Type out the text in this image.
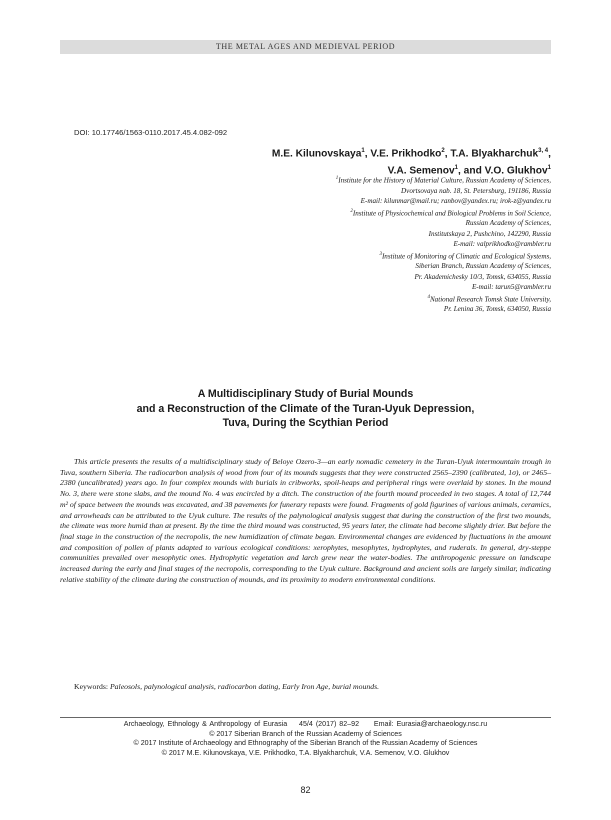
THE METAL AGES AND MEDIEVAL PERIOD
DOI: 10.17746/1563-0110.2017.45.4.082-092
M.E. Kilunovskaya$^1$, V.E. Prikhodko$^2$, T.A. Blyakharchuk$^{3, 4}$,
V.A. Semenov$^1$, and V.O. Glukhov$^1$
$^1$Institute for the History of Material Culture, Russian Academy of Sciences,
Dvortsovaya nab. 18, St. Petersburg, 191186, Russia
E-mail: kilunmar@mail.ru; ranbov@yandex.ru; irok-z@yandex.ru
$^2$Institute of Physicochemical and Biological Problems in Soil Science,
Russian Academy of Sciences,
Institutskaya 2, Pushchino, 142290, Russia
E-mail: valprikhodko@rambler.ru
$^3$Institute of Monitoring of Climatic and Ecological Systems,
Siberian Branch, Russian Academy of Sciences,
Pr. Akademichesky 10/3, Tomsk, 634055, Russia
E-mail: tarun5@rambler.ru
$^4$National Research Tomsk State University,
Pr. Lenina 36, Tomsk, 634050, Russia
A Multidisciplinary Study of Burial Mounds
and a Reconstruction of the Climate of the Turan-Uyuk Depression,
Tuva, During the Scythian Period
This article presents the results of a multidisciplinary study of Beloye Ozero-3—an early nomadic cemetery in the Turan-Uyuk intermountain trough in Tuva, southern Siberia. The radiocarbon analysis of wood from four of its mounds suggests that they were constructed 2565–2390 (calibrated, 1σ), or 2465–2380 (uncalibrated) years ago. In four complex mounds with burials in cribworks, spoil-heaps and peripheral rings were overlaid by stones. In the mound No. 3, there were stone slabs, and the mound No. 4 was encircled by a ditch. The construction of the fourth mound proceeded in two stages. A total of 12,744 m² of space between the mounds was excavated, and 38 pavements for funerary repasts were found. Fragments of gold figurines of various animals, ceramics, and arrowheads can be attributed to the Uyuk culture. The results of the palynological analysis suggest that during the construction of the first two mounds, the climate was more humid than at present. By the time the third mound was constructed, 95 years later, the climate had become slightly drier. But before the final stage in the construction of the necropolis, the new humidization of climate began. Environmental changes are evidenced by fluctuations in the amount and composition of pollen of plants adapted to various ecological conditions: xerophytes, mesophytes, hydrophytes, and ruderals. In general, dry-steppe communities prevailed over mesophytic ones. Hydrophytic vegetation and larch grew near the water-bodies. The anthropogenic pressure on landscape increased during the early and final stages of the necropolis, corresponding to the Uyuk culture. Background and ancient soils are largely similar, indicating relative stability of the climate during the construction of mounds, and its proximity to modern environmental conditions.
Keywords: Paleosols, palynological analysis, radiocarbon dating, Early Iron Age, burial mounds.
Archaeology, Ethnology & Anthropology of Eurasia 45/4 (2017) 82–92 Email: Eurasia@archaeology.nsc.ru
© 2017 Siberian Branch of the Russian Academy of Sciences
© 2017 Institute of Archaeology and Ethnography of the Siberian Branch of the Russian Academy of Sciences
© 2017 M.E. Kilunovskaya, V.E. Prikhodko, T.A. Blyakharchuk, V.A. Semenov, V.O. Glukhov
82
